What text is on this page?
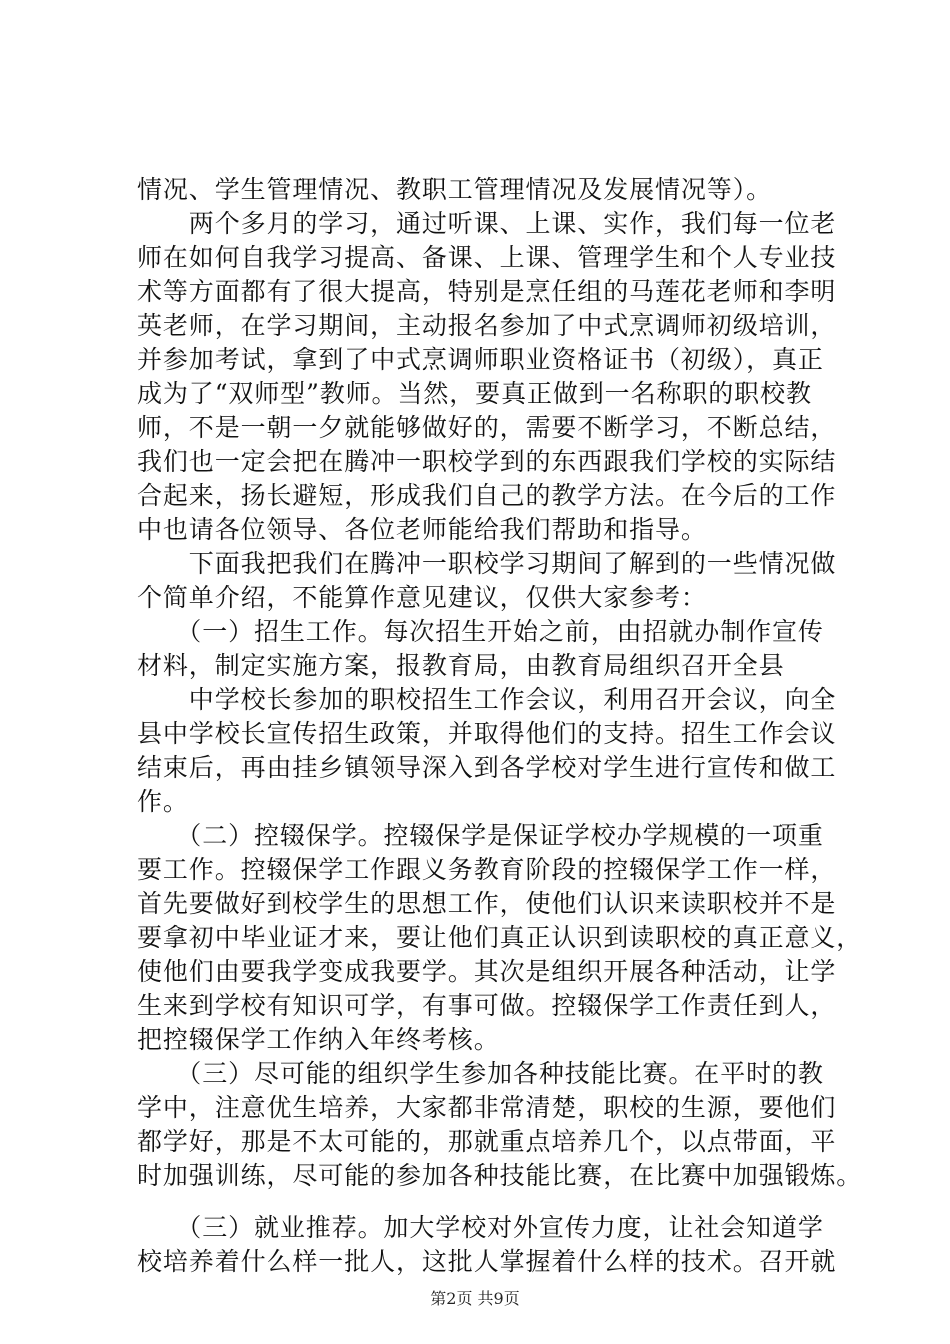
情况、学生管理情况、教职工管理情况及发展情况等）。
　　两个多月的学习，通过听课、上课、实作，我们每一位老
师在如何自我学习提高、备课、上课、管理学生和个人专业技
术等方面都有了很大提高，特别是烹任组的马莲花老师和李明
英老师，在学习期间，主动报名参加了中式烹调师初级培训，
并参加考试，拿到了中式烹调师职业资格证书（初级），真正
成为了“双师型”教师。当然，要真正做到一名称职的职校教
师，不是一朝一夕就能够做好的，需要不断学习，不断总结，
我们也一定会把在腾冲一职校学到的东西跟我们学校的实际结
合起来，扬长避短，形成我们自己的教学方法。在今后的工作
中也请各位领导、各位老师能给我们帮助和指导。
　　下面我把我们在腾冲一职校学习期间了解到的一些情况做
个简单介绍，不能算作意见建议，仅供大家参考：
　　（一）招生工作。每次招生开始之前，由招就办制作宣传
材料，制定实施方案，报教育局，由教育局组织召开全县
　　中学校长参加的职校招生工作会议，利用召开会议，向全
县中学校长宣传招生政策，并取得他们的支持。招生工作会议
结束后，再由挂乡镇领导深入到各学校对学生进行宣传和做工
作。
　　（二）控辍保学。控辍保学是保证学校办学规模的一项重
要工作。控辍保学工作跟义务教育阶段的控辍保学工作一样，
首先要做好到校学生的思想工作，使他们认识来读职校并不是
要拿初中毕业证才来，要让他们真正认识到读职校的真正意义，
使他们由要我学变成我要学。其次是组织开展各种活动，让学
生来到学校有知识可学，有事可做。控辍保学工作责任到人，
把控辍保学工作纳入年终考核。
　　（三）尽可能的组织学生参加各种技能比赛。在平时的教
学中，注意优生培养，大家都非常清楚，职校的生源，要他们
都学好，那是不太可能的，那就重点培养几个，以点带面，平
时加强训练，尽可能的参加各种技能比赛，在比赛中加强锻炼。
　　（三）就业推荐。加大学校对外宣传力度，让社会知道学
校培养着什么样一批人，这批人掌握着什么样的技术。召开就
第2页 共9页
